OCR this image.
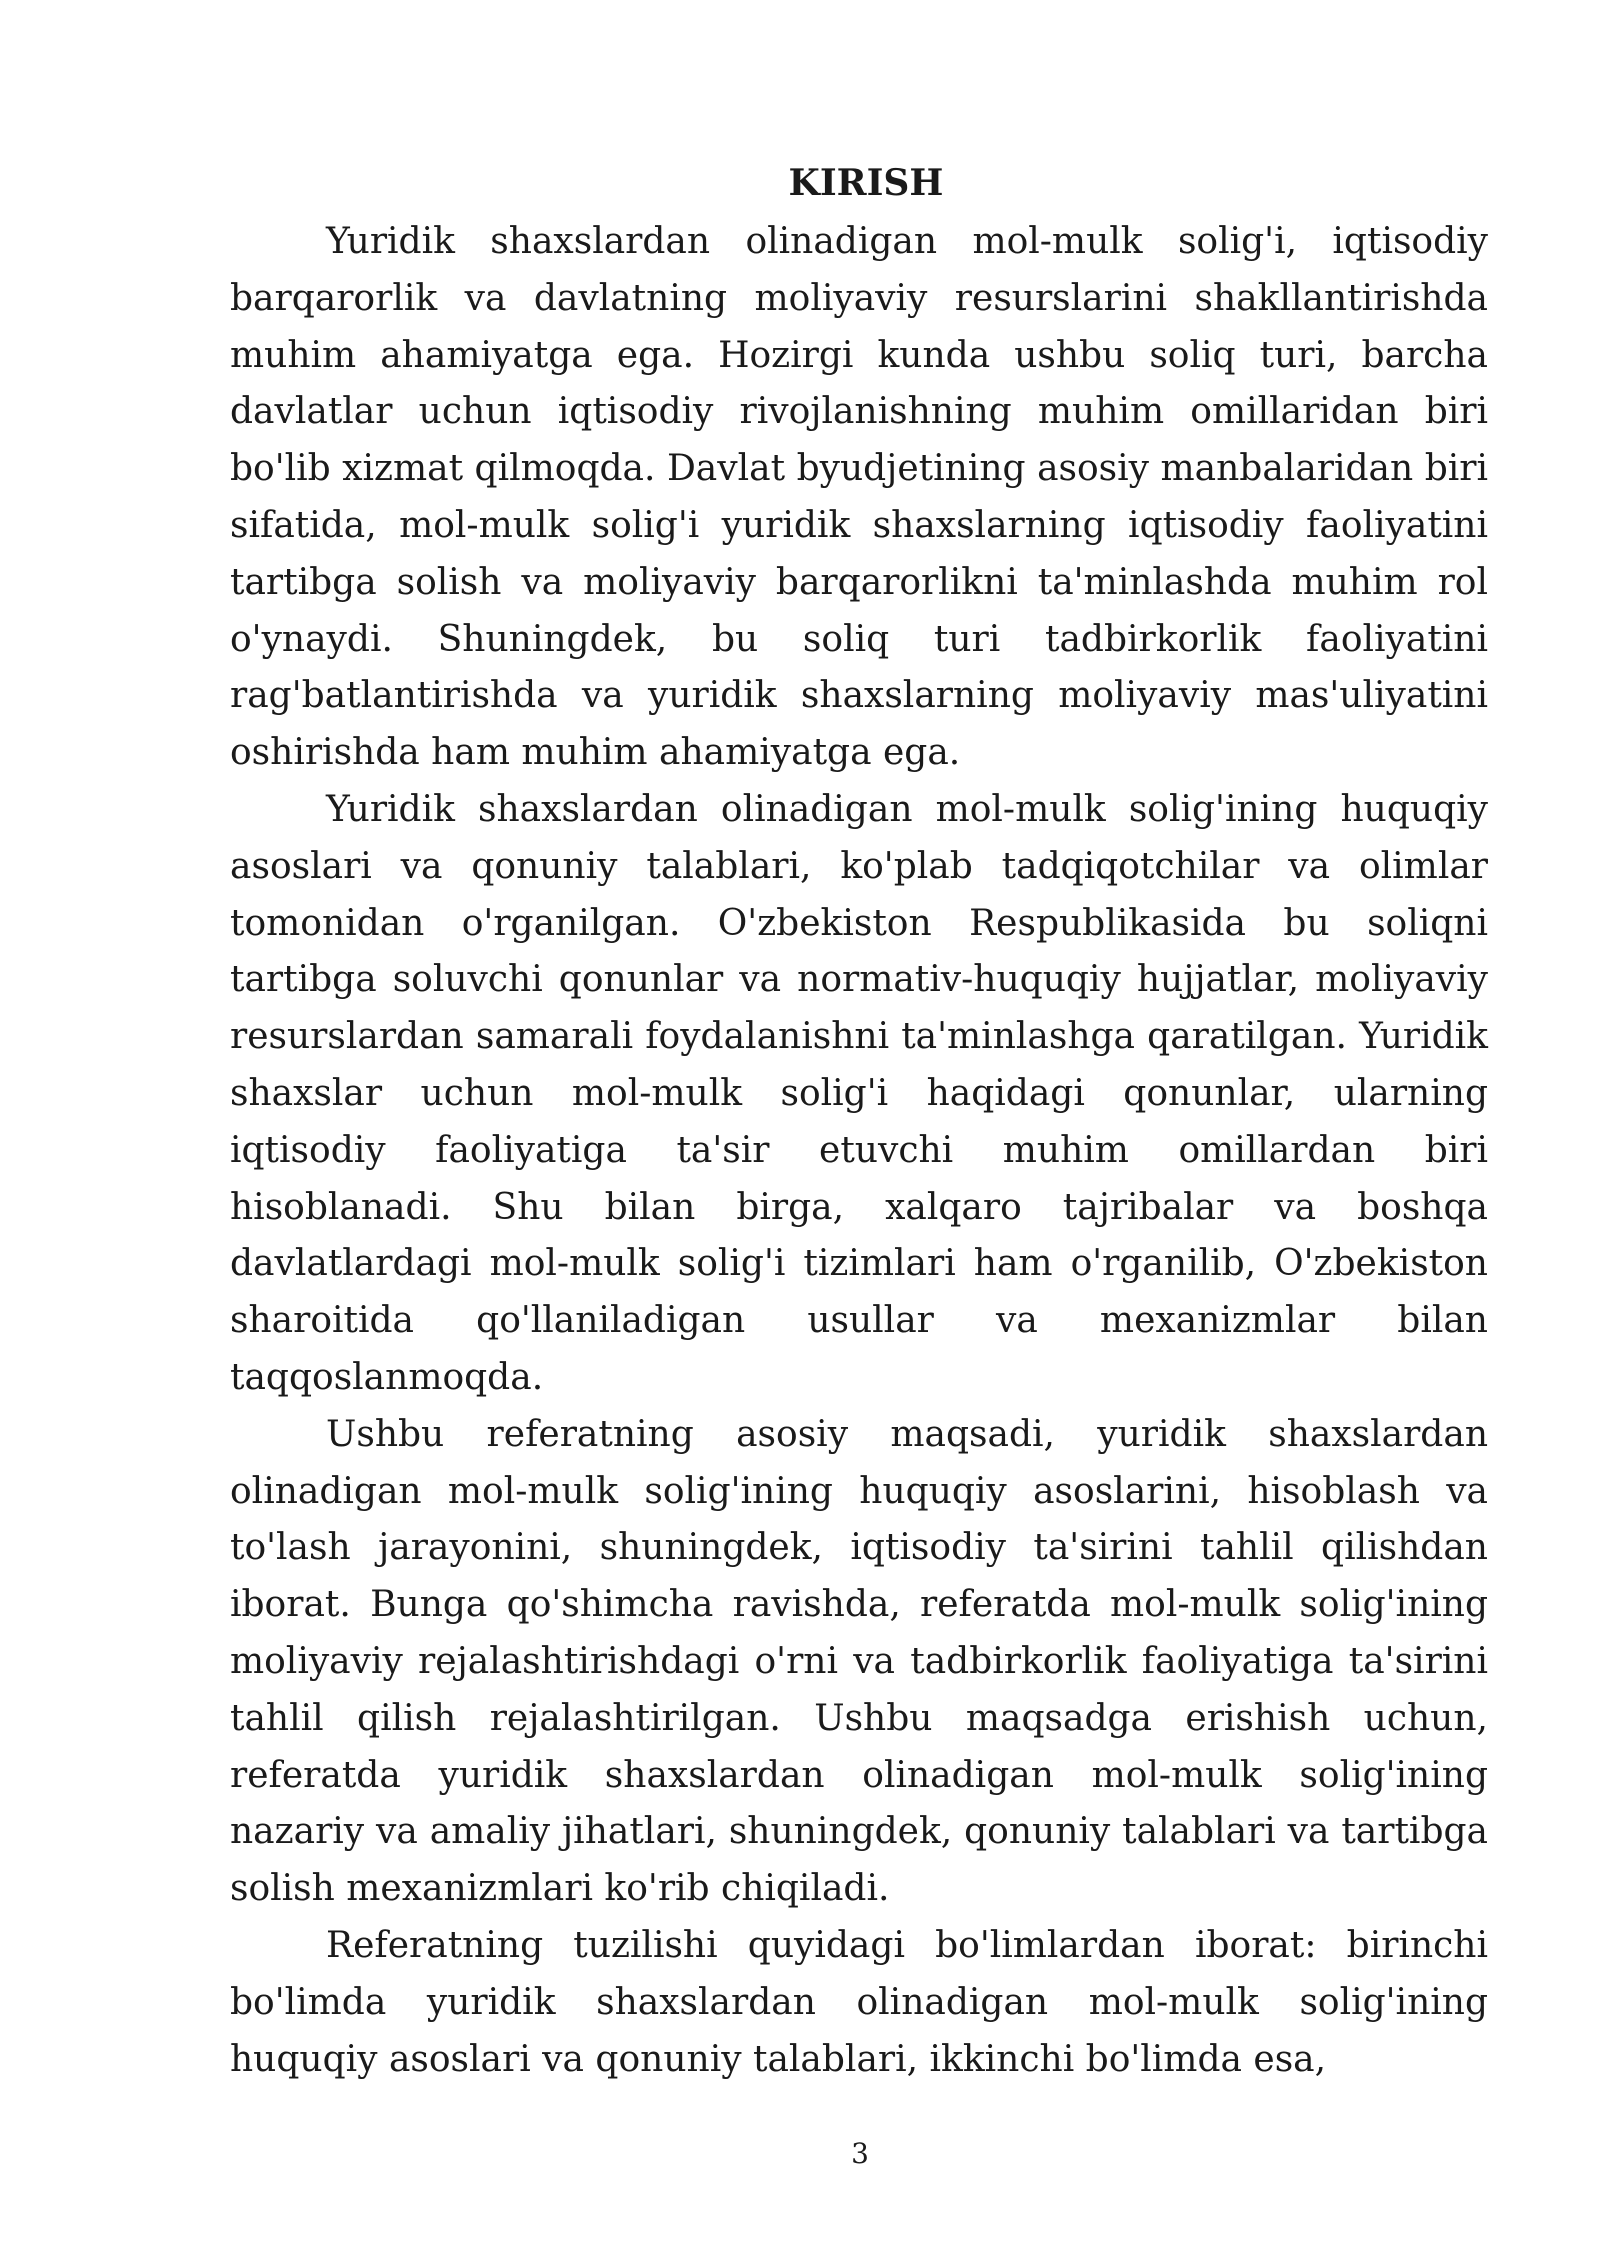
KIRISH

Yuridik shaxslardan olinadigan mol-mulk solig'i, iqtisodiy barqarorlik va davlatning moliyaviy resurslarini shakllantirishda muhim ahamiyatga ega. Hozirgi kunda ushbu soliq turi, barcha davlatlar uchun iqtisodiy rivojlanishning muhim omillaridan biri bo'lib xizmat qilmoqda. Davlat byudjetining asosiy manbalaridan biri sifatida, mol-mulk solig'i yuridik shaxslarning iqtisodiy faoliyatini tartibga solish va moliyaviy barqarorlikni ta'minlashda muhim rol o'ynaydi. Shuningdek, bu soliq turi tadbirkorlik faoliyatini rag'batlantirishda va yuridik shaxslarning moliyaviy mas'uliyatini oshirishda ham muhim ahamiyatga ega.

Yuridik shaxslardan olinadigan mol-mulk solig'ining huquqiy asoslari va qonuniy talablari, ko'plab tadqiqotchilar va olimlar tomonidan o'rganilgan. O'zbekiston Respublikasida bu soliqni tartibga soluvchi qonunlar va normativ-huquqiy hujjatlar, moliyaviy resurslardan samarali foydalanishni ta'minlashga qaratilgan. Yuridik shaxslar uchun mol-mulk solig'i haqidagi qonunlar, ularning iqtisodiy faoliyatiga ta'sir etuvchi muhim omillardan biri hisoblanadi. Shu bilan birga, xalqaro tajribalar va boshqa davlatlardagi mol-mulk solig'i tizimlari ham o'rganilib, O'zbekiston sharoitida qo'llaniladigan usullar va mexanizmlar bilan taqqoslanmoqda.

Ushbu referatning asosiy maqsadi, yuridik shaxslardan olinadigan mol-mulk solig'ining huquqiy asoslarini, hisoblash va to'lash jarayonini, shuningdek, iqtisodiy ta'sirini tahlil qilishdan iborat. Bunga qo'shimcha ravishda, referatda mol-mulk solig'ining moliyaviy rejalashtirishdagi o'rni va tadbirkorlik faoliyatiga ta'sirini tahlil qilish rejalashtirilgan. Ushbu maqsadga erishish uchun, referatda yuridik shaxslardan olinadigan mol-mulk solig'ining nazariy va amaliy jihatlari, shuningdek, qonuniy talablari va tartibga solish mexanizmlari ko'rib chiqiladi.

Referatning tuzilishi quyidagi bo'limlardan iborat: birinchi bo'limda yuridik shaxslardan olinadigan mol-mulk solig'ining huquqiy asoslari va qonuniy talablari, ikkinchi bo'limda esa,

3
